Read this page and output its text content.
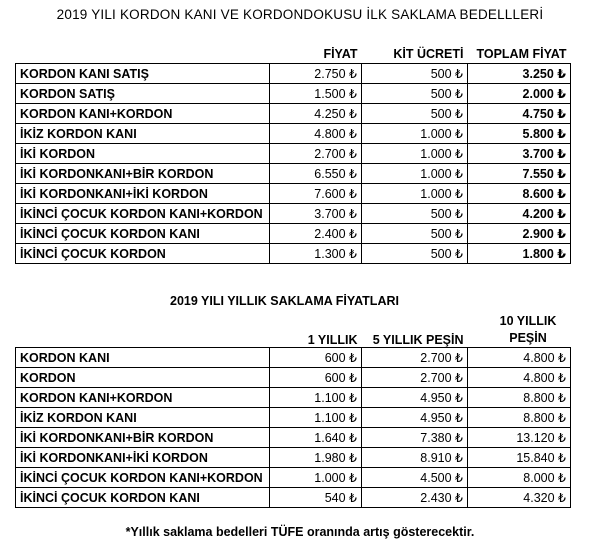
2019 YILI KORDON KANI VE KORDONDOKUSU İLK SAKLAMA BEDELLLERİ
	FİYAT	KİT ÜCRETİ	TOPLAM FİYAT
KORDON KANI SATIŞ	2.750 ₺	500 ₺	3.250 ₺
KORDON SATIŞ	1.500 ₺	500 ₺	2.000 ₺
KORDON KANI+KORDON	4.250 ₺	500 ₺	4.750 ₺
İKİZ KORDON KANI	4.800 ₺	1.000 ₺	5.800 ₺
İKİ KORDON	2.700 ₺	1.000 ₺	3.700 ₺
İKİ KORDONKANI+BİR KORDON	6.550 ₺	1.000 ₺	7.550 ₺
İKİ KORDONKANI+İKİ KORDON	7.600 ₺	1.000 ₺	8.600 ₺
İKİNCİ ÇOCUK KORDON KANI+KORDON	3.700 ₺	500 ₺	4.200 ₺
İKİNCİ ÇOCUK KORDON KANI	2.400 ₺	500 ₺	2.900 ₺
İKİNCİ ÇOCUK KORDON	1.300 ₺	500 ₺	1.800 ₺
2019 YILI YILLIK SAKLAMA FİYATLARI
	1 YILLIK	5 YILLIK PEŞİN	10 YILLIK PEŞİN
KORDON KANI	600 ₺	2.700 ₺	4.800 ₺
KORDON	600 ₺	2.700 ₺	4.800 ₺
KORDON KANI+KORDON	1.100 ₺	4.950 ₺	8.800 ₺
İKİZ KORDON KANI	1.100 ₺	4.950 ₺	8.800 ₺
İKİ KORDONKANI+BİR KORDON	1.640 ₺	7.380 ₺	13.120 ₺
İKİ KORDONKANI+İKİ KORDON	1.980 ₺	8.910 ₺	15.840 ₺
İKİNCİ ÇOCUK KORDON KANI+KORDON	1.000 ₺	4.500 ₺	8.000 ₺
İKİNCİ ÇOCUK KORDON KANI	540 ₺	2.430 ₺	4.320 ₺
*Yıllık saklama bedelleri TÜFE oranında artış gösterecektir.
